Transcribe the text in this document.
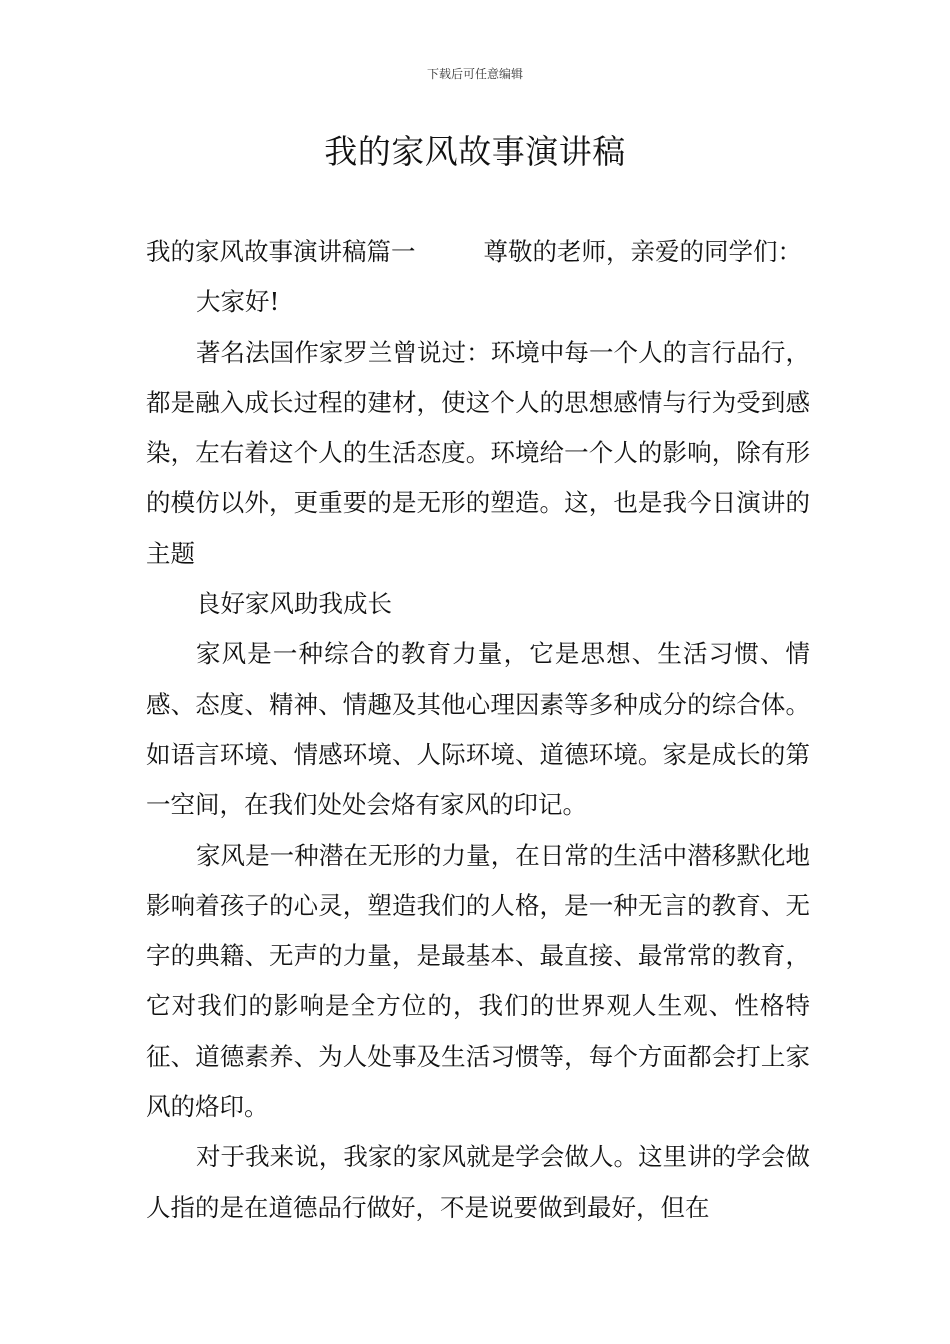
下载后可任意编辑
我的家风故事演讲稿

我的家风故事演讲稿篇一	尊敬的老师，亲爱的同学们：

大家好!

著名法国作家罗兰曾说过：环境中每一个人的言行品行，都是融入成长过程的建材，使这个人的思想感情与行为受到感染，左右着这个人的生活态度。环境给一个人的影响，除有形的模仿以外，更重要的是无形的塑造。这，也是我今日演讲的主题

良好家风助我成长

家风是一种综合的教育力量，它是思想、生活习惯、情感、态度、精神、情趣及其他心理因素等多种成分的综合体。如语言环境、情感环境、人际环境、道德环境。家是成长的第一空间，在我们处处会烙有家风的印记。

家风是一种潜在无形的力量，在日常的生活中潜移默化地影响着孩子的心灵，塑造我们的人格，是一种无言的教育、无字的典籍、无声的力量，是最基本、最直接、最常常的教育，它对我们的影响是全方位的，我们的世界观人生观、性格特征、道德素养、为人处事及生活习惯等，每个方面都会打上家风的烙印。

对于我来说，我家的家风就是学会做人。这里讲的学会做人指的是在道德品行做好，不是说要做到最好，但在
